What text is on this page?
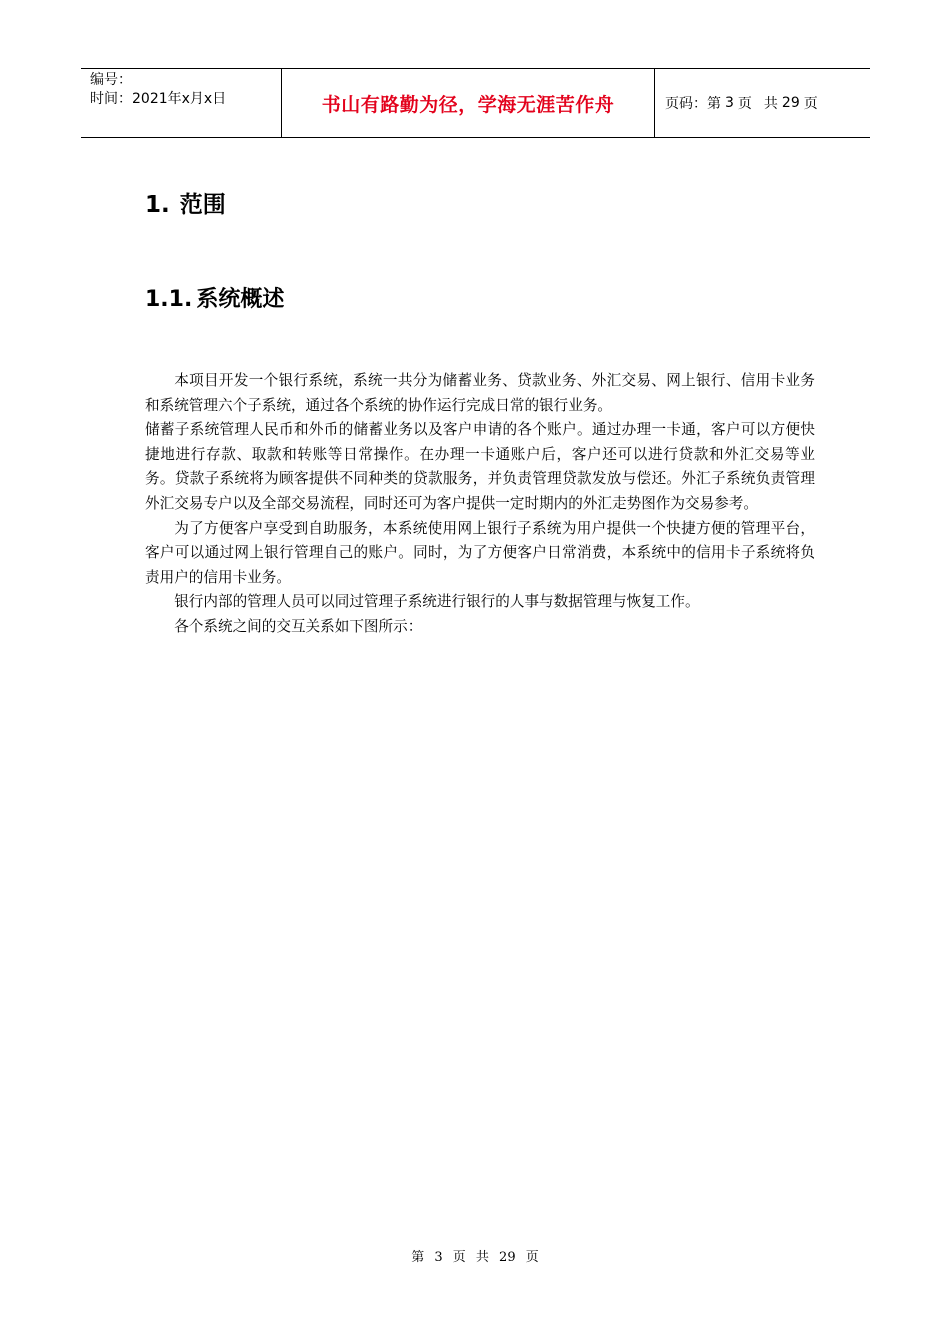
编号：
时间：2021年x月x日	书山有路勤为径，学海无涯苦作舟	页码：第 3 页 共 29 页
1. 范围
1.1. 系统概述

本项目开发一个银行系统，系统一共分为储蓄业务、贷款业务、外汇交易、网上银行、信用卡业务和系统管理六个子系统，通过各个系统的协作运行完成日常的银行业务。

储蓄子系统管理人民币和外币的储蓄业务以及客户申请的各个账户。通过办理一卡通，客户可以方便快捷地进行存款、取款和转账等日常操作。在办理一卡通账户后，客户还可以进行贷款和外汇交易等业务。贷款子系统将为顾客提供不同种类的贷款服务，并负责管理贷款发放与偿还。外汇子系统负责管理外汇交易专户以及全部交易流程，同时还可为客户提供一定时期内的外汇走势图作为交易参考。

为了方便客户享受到自助服务，本系统使用网上银行子系统为用户提供一个快捷方便的管理平台，客户可以通过网上银行管理自己的账户。同时，为了方便客户日常消费，本系统中的信用卡子系统将负责用户的信用卡业务。

银行内部的管理人员可以同过管理子系统进行银行的人事与数据管理与恢复工作。

各个系统之间的交互关系如下图所示：

第 3 页 共 29 页
